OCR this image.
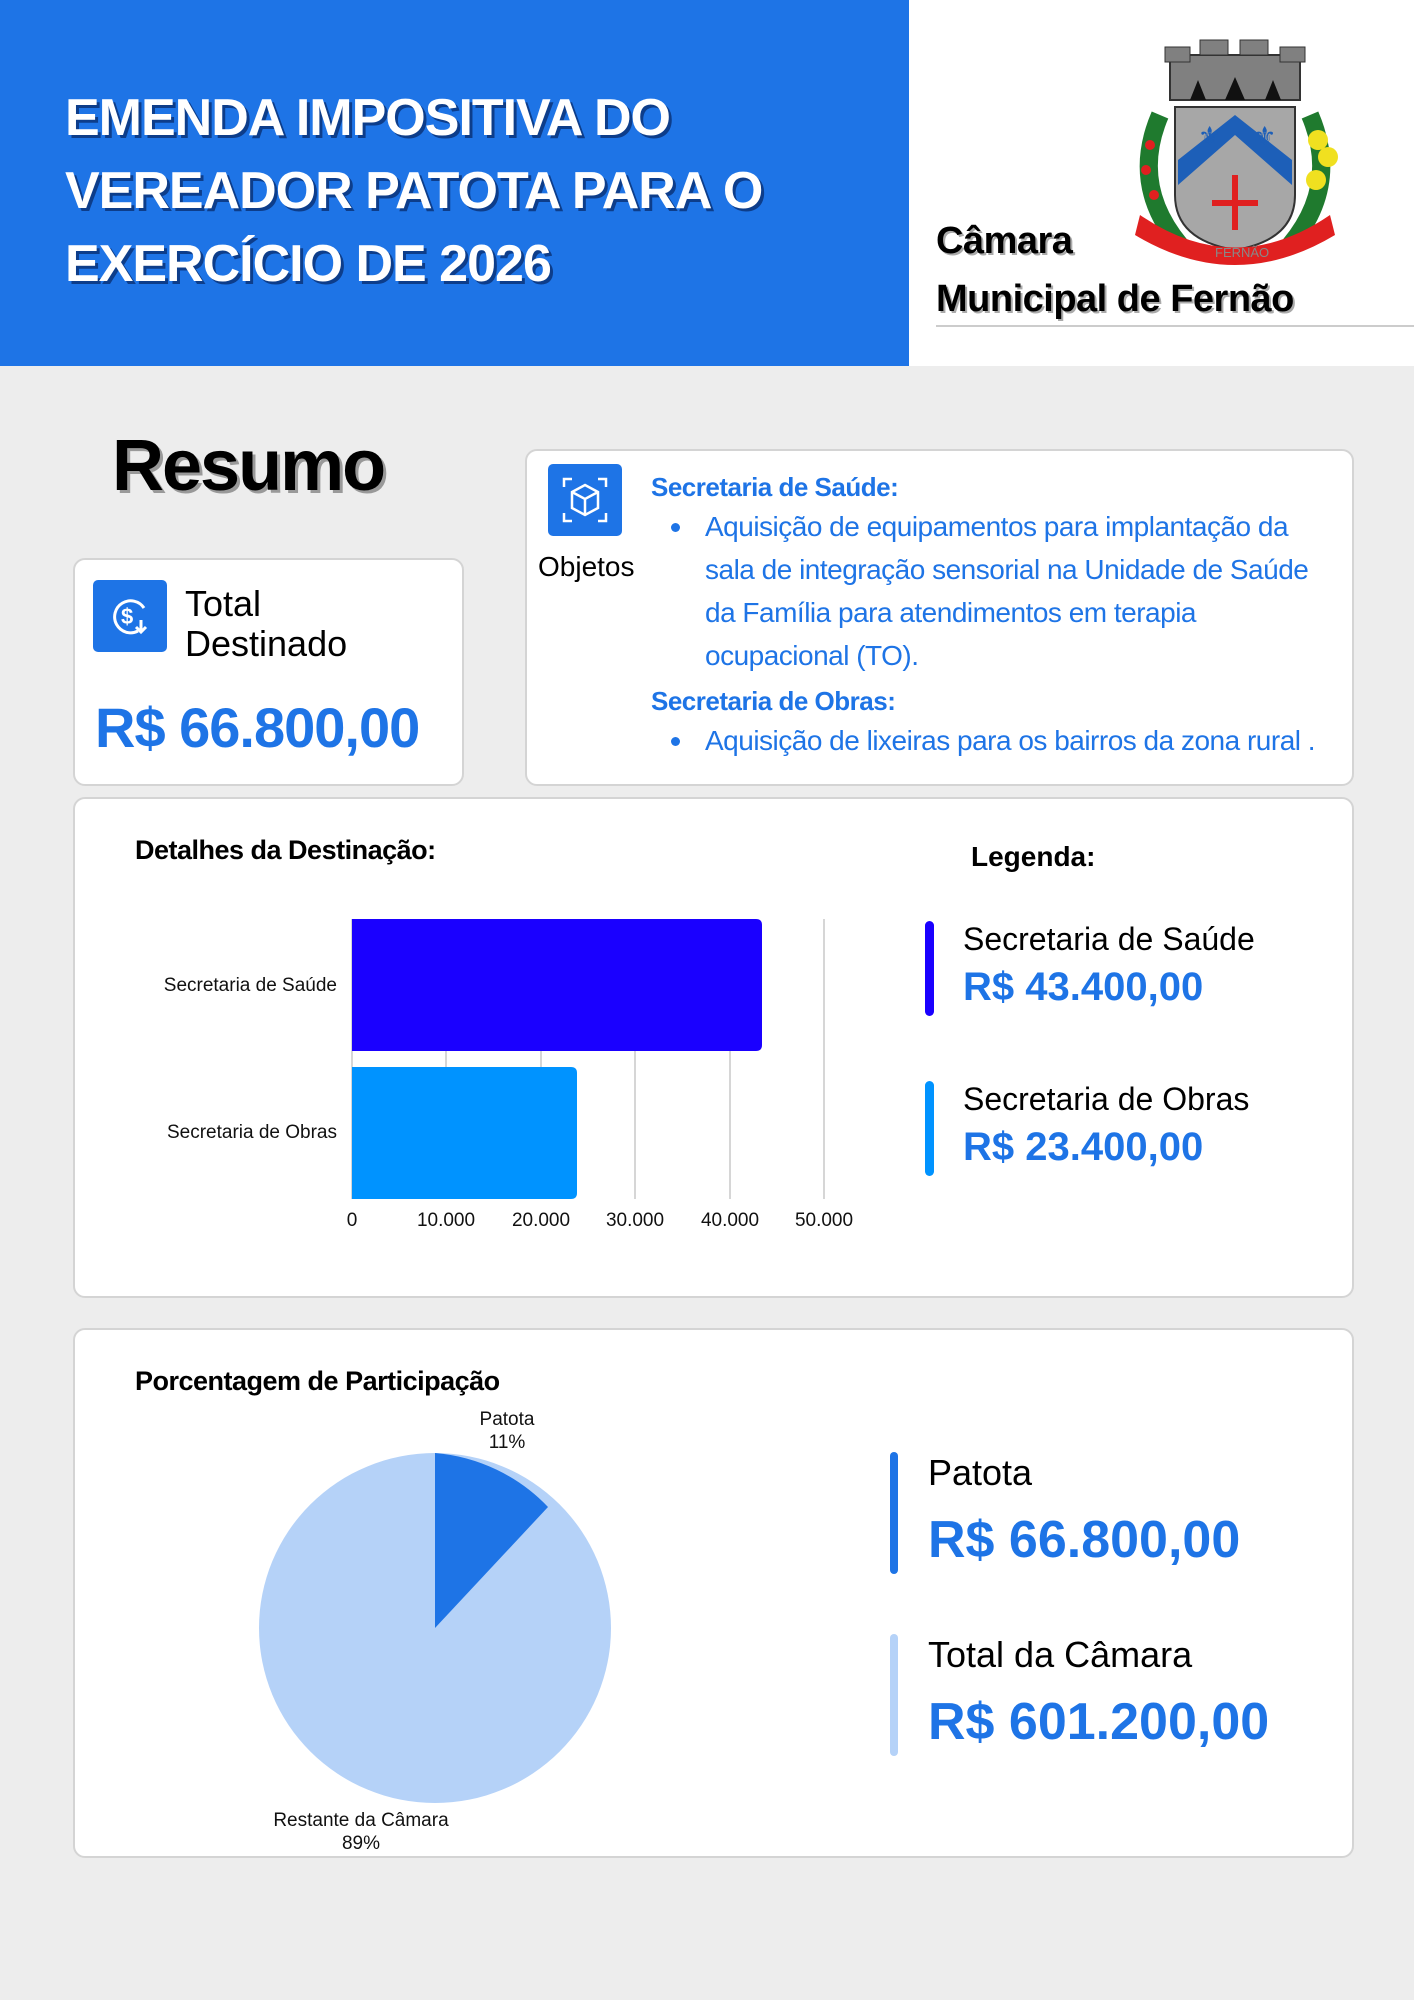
EMENDA IMPOSITIVA DO
VEREADOR PATOTA PARA O
EXERCÍCIO DE 2026
⚜ ⚜
FERNÃO
Câmara
Municipal de Fernão
Resumo
$ Total
Destinado
R$ 66.800,00
Objetos
Secretaria de Saúde:
Aquisição de equipamentos para implantação da sala de integração sensorial na Unidade de Saúde da Família para atendimentos em terapia ocupacional (TO).
Secretaria de Obras:
Aquisição de lixeiras para os bairros da zona rural .
Detalhes da Destinação:
Secretaria de Saúde
Secretaria de Obras
0	10.000 20.000 30.000 40.000 50.000
Legenda:
Secretaria de Saúde
R$ 43.400,00
Secretaria de Obras
R$ 23.400,00
Porcentagem de Participação
Patota
11%
Restante da Câmara
89%
Patota
R$ 66.800,00
Total da Câmara
R$ 601.200,00
